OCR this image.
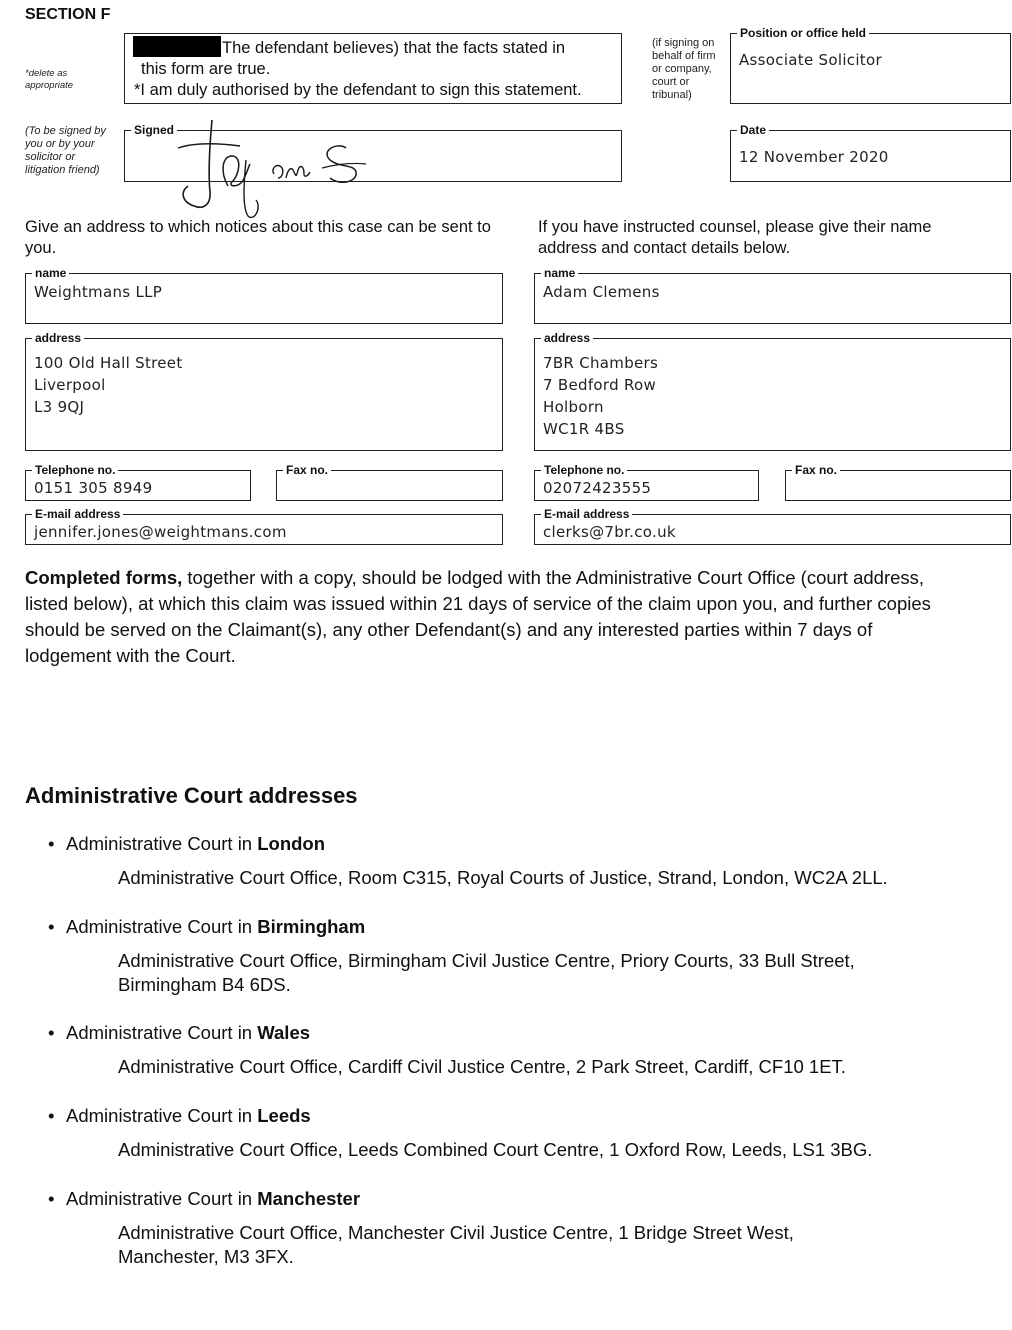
SECTION F
*delete as appropriate
The defendant believes) that the facts stated in
this form are true.
*I am duly authorised by the defendant to sign this statement.
(if signing on behalf of firm or company, court or tribunal)
Position or office held
Associate Solicitor
(To be signed by you or by your solicitor or litigation friend)
Signed	Date
12 November 2020
Give an address to which notices about this case can be sent to you.
If you have instructed counsel, please give their name address and contact details below.
name
Weightmans LLP
address
100 Old Hall Street
Liverpool
L3 9QJ
Telephone no.
0151 305 8949
Fax no.
E-mail address
jennifer.jones@weightmans.com
name
Adam Clemens
address
7BR Chambers
7 Bedford Row
Holborn
WC1R 4BS
Telephone no.
02072423555
Fax no.
E-mail address
clerks@7br.co.uk
Completed forms, together with a copy, should be lodged with the Administrative Court Office (court address, listed below), at which this claim was issued within 21 days of service of the claim upon you, and further copies should be served on the Claimant(s), any other Defendant(s) and any interested parties within 7 days of lodgement with the Court.
Administrative Court addresses
• Administrative Court in London
Administrative Court Office, Room C315, Royal Courts of Justice, Strand, London, WC2A 2LL.
• Administrative Court in Birmingham
Administrative Court Office, Birmingham Civil Justice Centre, Priory Courts, 33 Bull Street,
Birmingham B4 6DS.
• Administrative Court in Wales
Administrative Court Office, Cardiff Civil Justice Centre, 2 Park Street, Cardiff, CF10 1ET.
• Administrative Court in Leeds
Administrative Court Office, Leeds Combined Court Centre, 1 Oxford Row, Leeds, LS1 3BG.
• Administrative Court in Manchester
Administrative Court Office, Manchester Civil Justice Centre, 1 Bridge Street West,
Manchester, M3 3FX.
